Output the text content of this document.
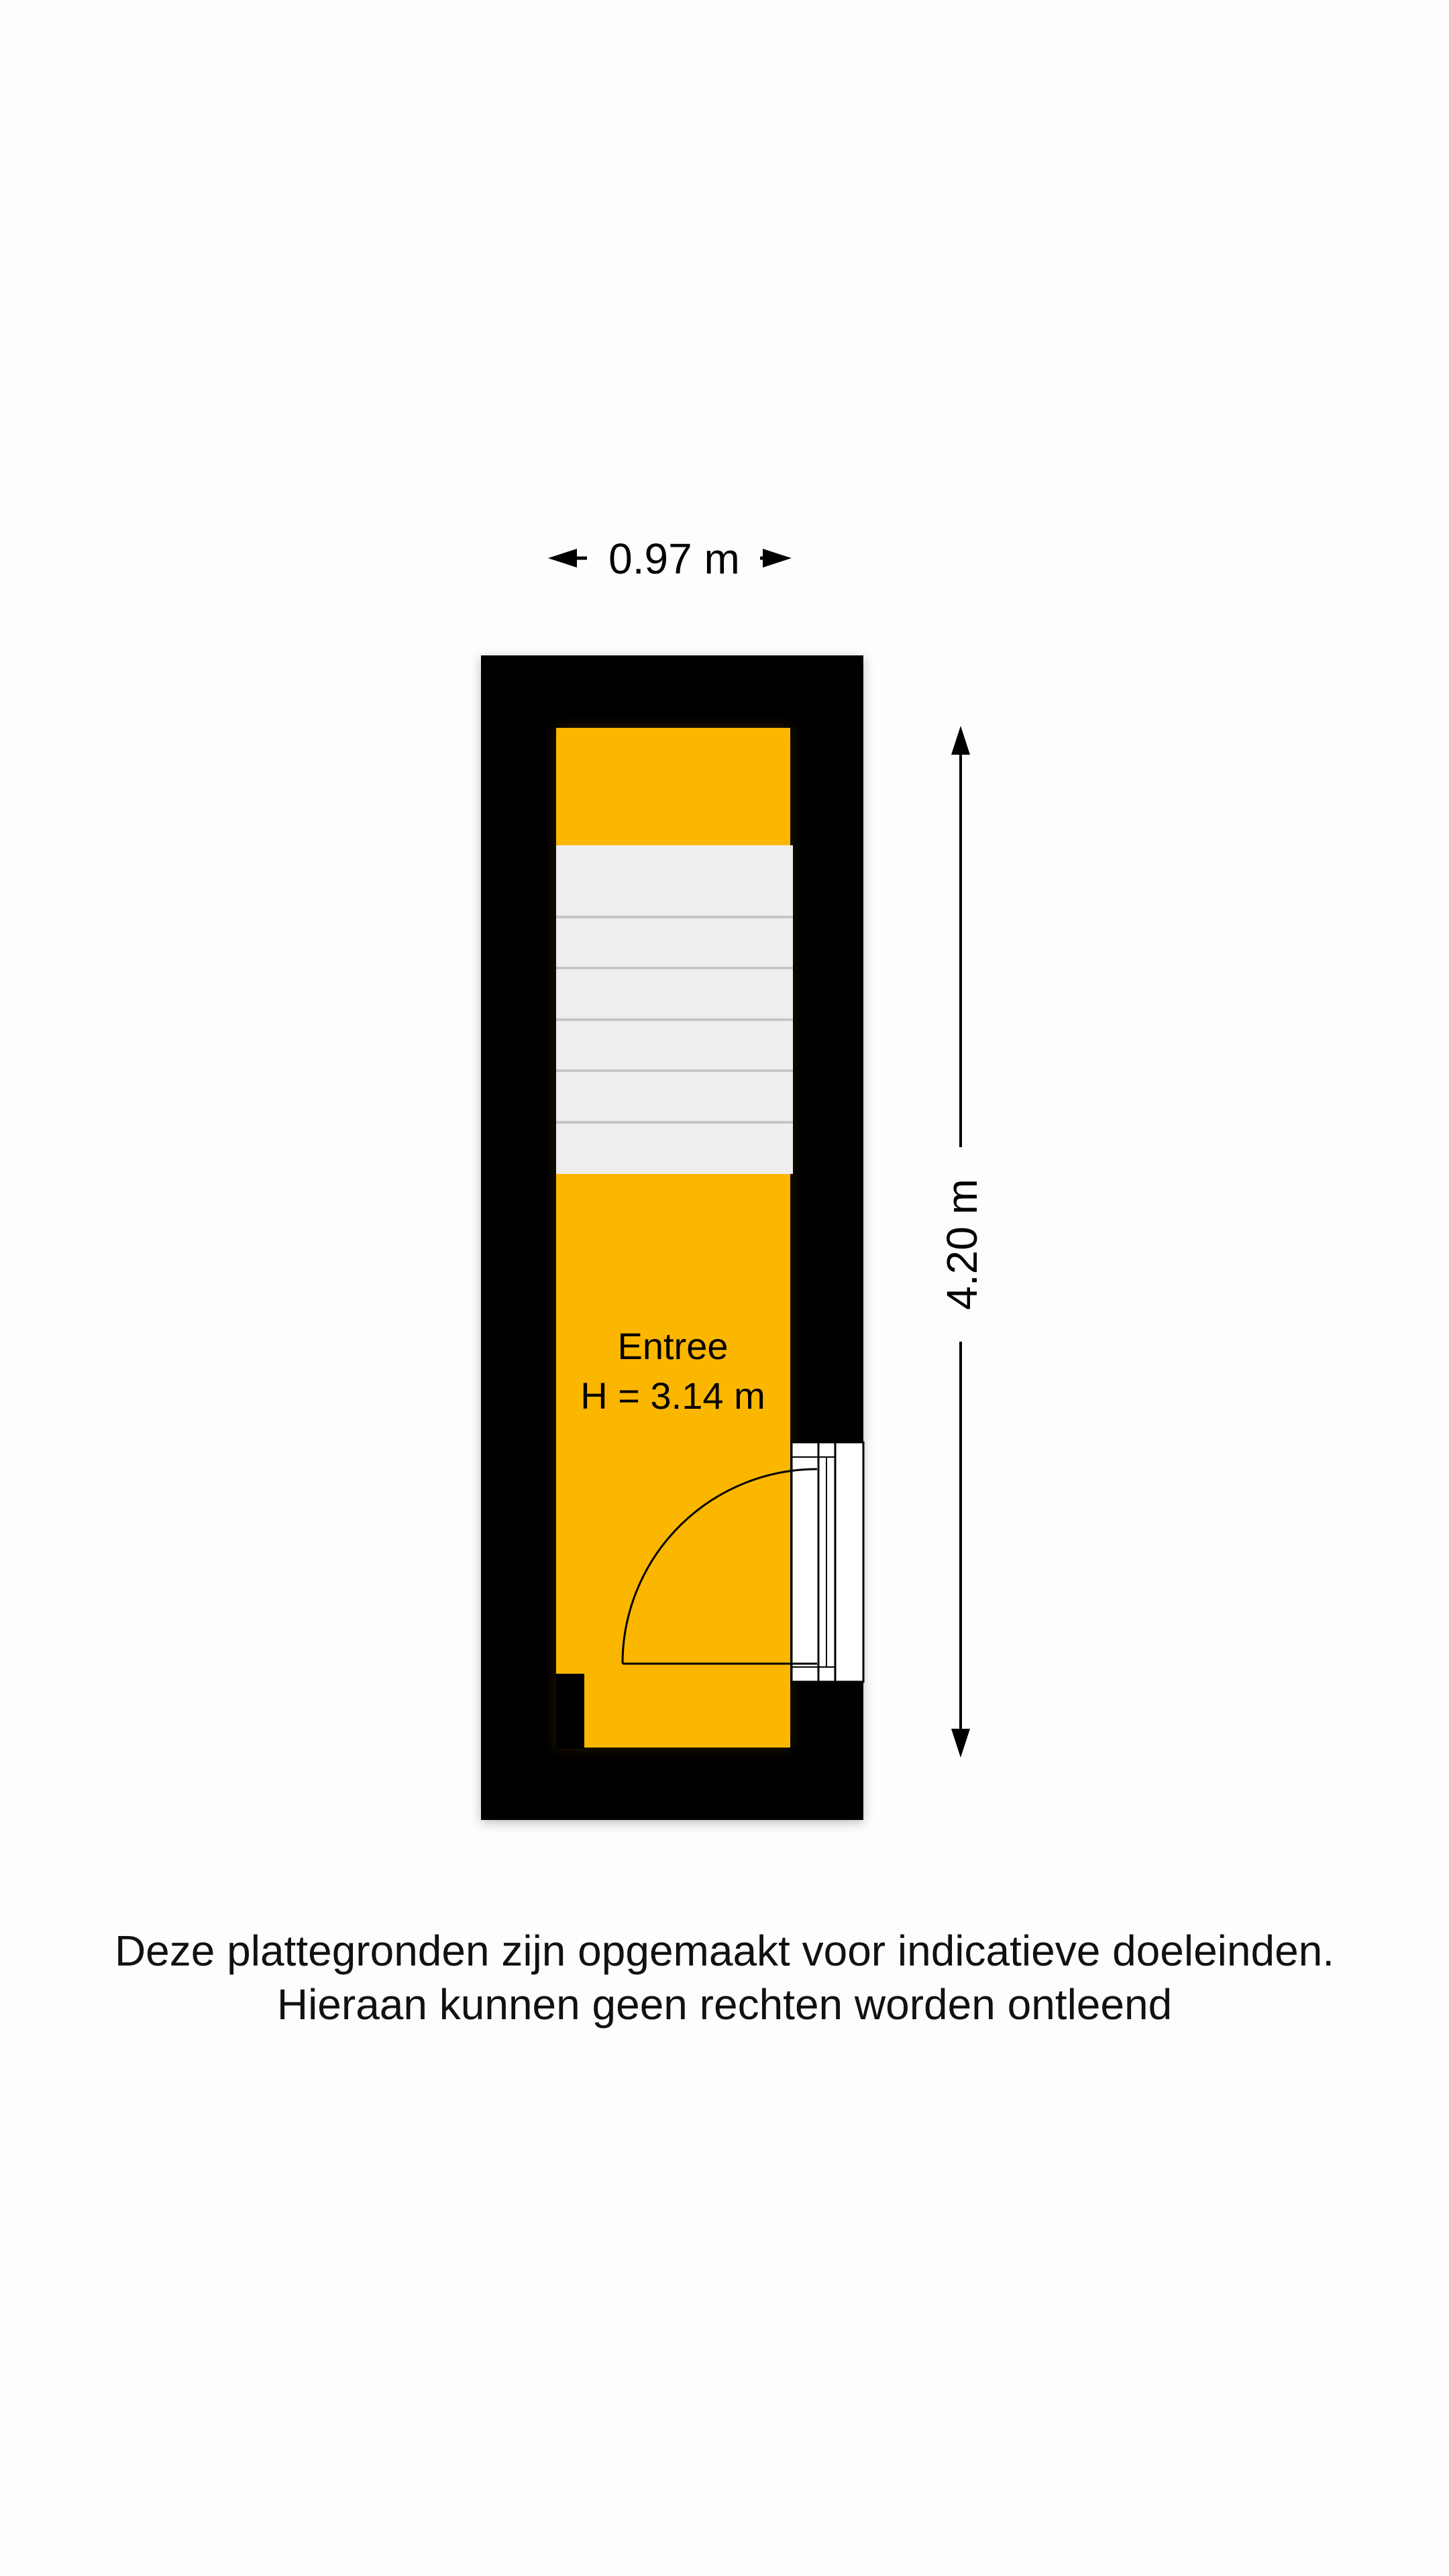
0.97 m
Entree
H = 3.14 m
4.20 m
Deze plattegronden zijn opgemaakt voor indicatieve doeleinden.
Hieraan kunnen geen rechten worden ontleend
